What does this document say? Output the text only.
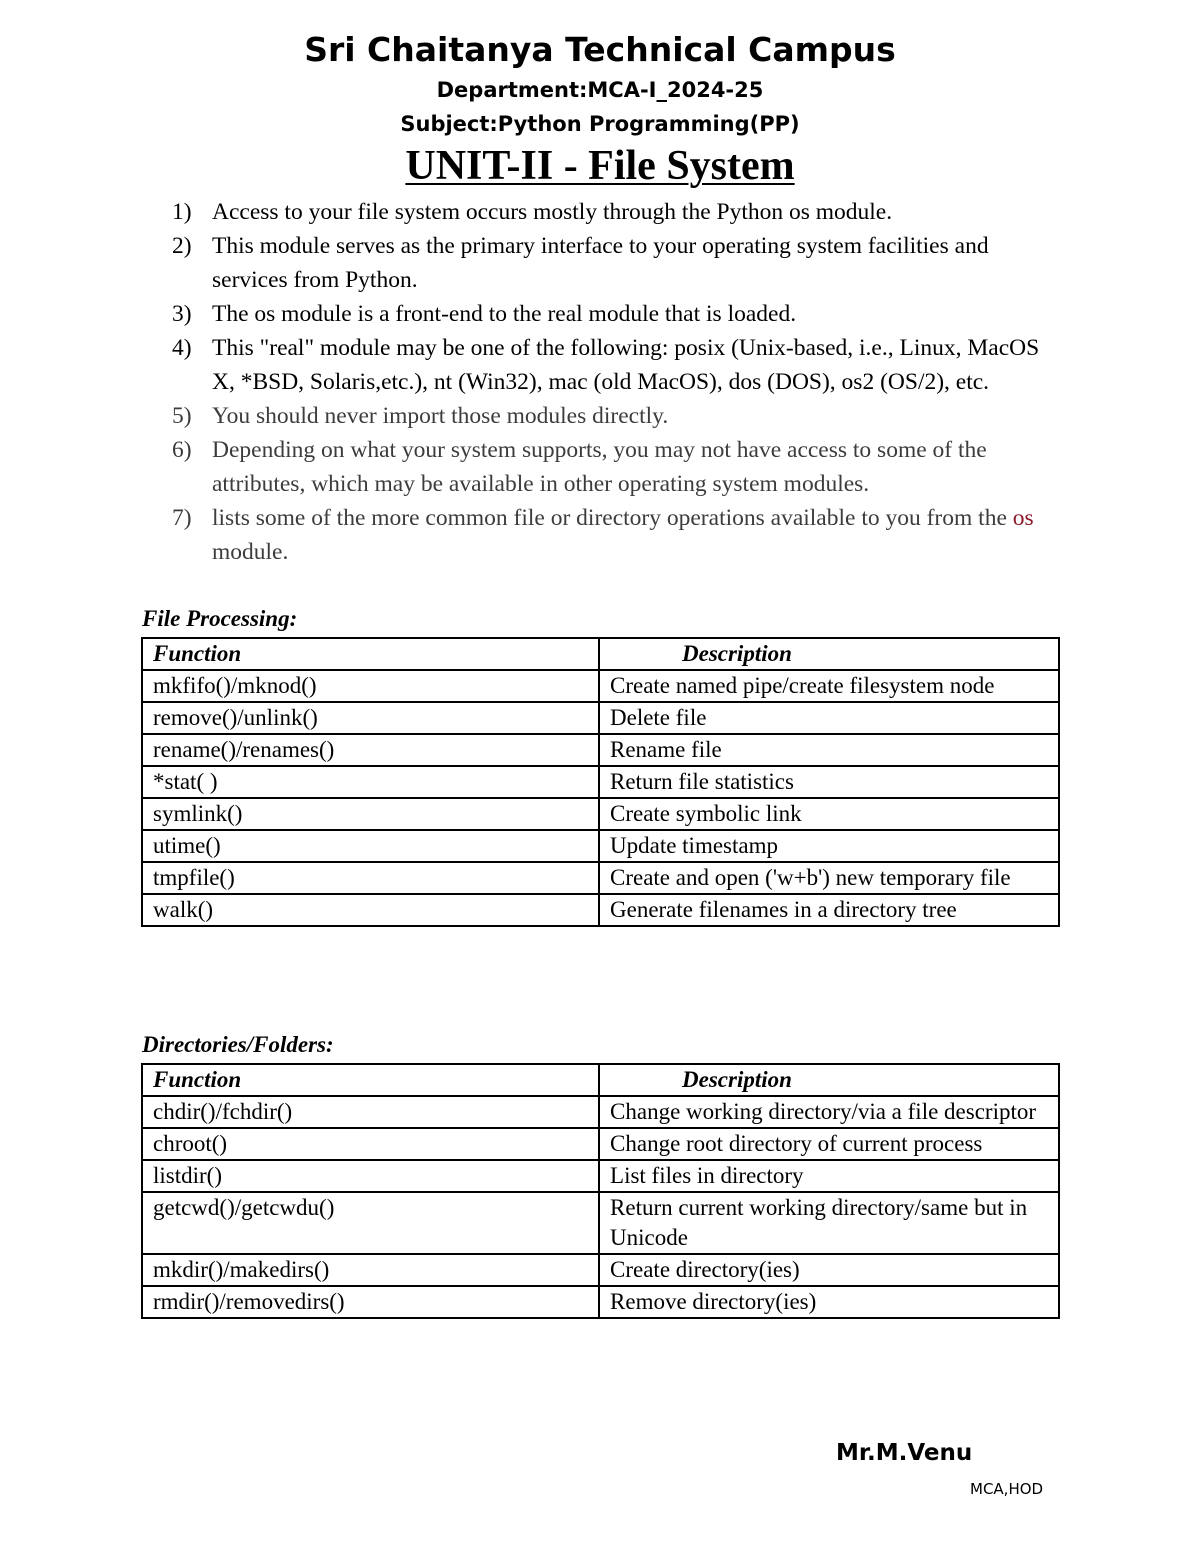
Sri Chaitanya Technical Campus
Department:MCA-I_2024-25
Subject:Python Programming(PP)
UNIT-II - File System
1) Access to your file system occurs mostly through the Python os module.
2) This module serves as the primary interface to your operating system facilities and services from Python.
3) The os module is a front-end to the real module that is loaded.
4) This "real" module may be one of the following: posix (Unix-based, i.e., Linux, MacOS X, *BSD, Solaris,etc.), nt (Win32), mac (old MacOS), dos (DOS), os2 (OS/2), etc.
5) You should never import those modules directly.
6) Depending on what your system supports, you may not have access to some of the attributes, which may be available in other operating system modules.
7) lists some of the more common file or directory operations available to you from the os module.
File Processing:
Function	Description
mkfifo()/mknod()	Create named pipe/create filesystem node
remove()/unlink()	Delete file
rename()/renames()	Rename file
*stat( )	Return file statistics
symlink()	Create symbolic link
utime()	Update timestamp
tmpfile()	Create and open ('w+b') new temporary file
walk()	Generate filenames in a directory tree
Directories/Folders:
Function	Description
chdir()/fchdir()	Change working directory/via a file descriptor
chroot()	Change root directory of current process
listdir()	List files in directory
getcwd()/getcwdu()	Return current working directory/same but in Unicode
mkdir()/makedirs()	Create directory(ies)
rmdir()/removedirs()	Remove directory(ies)
Mr.M.Venu
MCA,HOD
